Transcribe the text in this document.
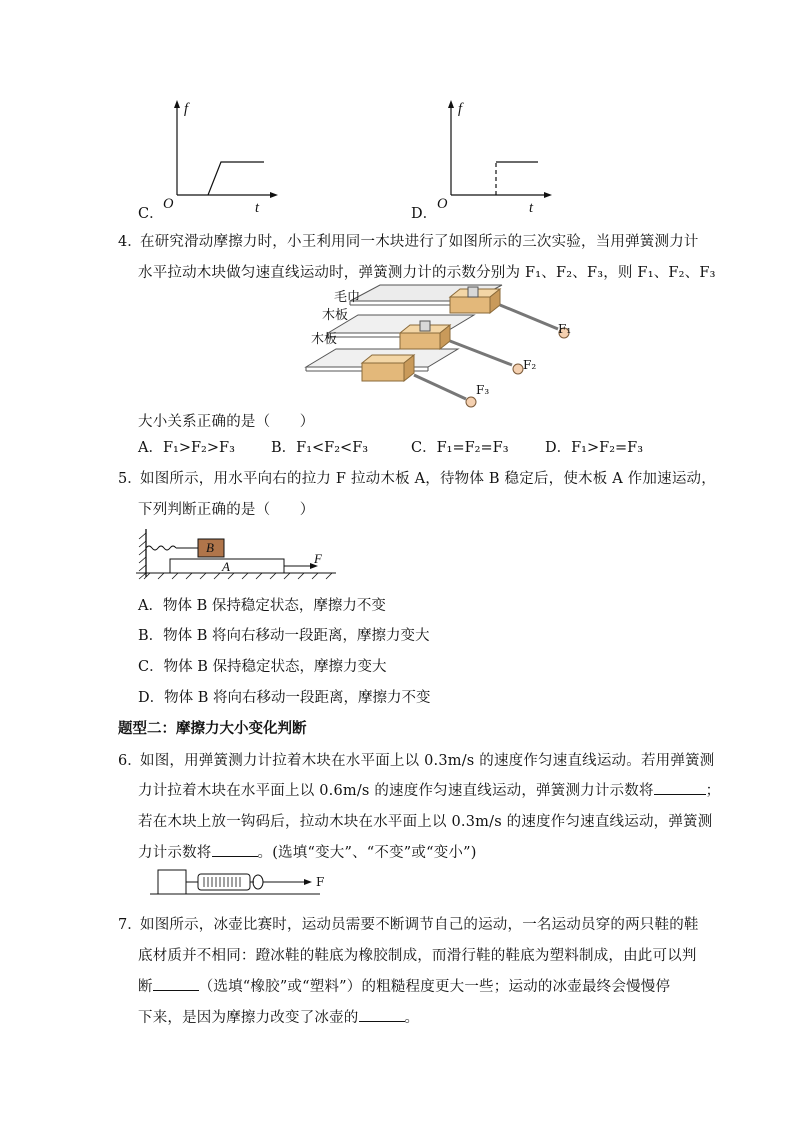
C．
f
O	t	D．
f
O	t
4．
在研究滑动摩擦力时，小王利用同一木块进行了如图所示的三次实验，当用弹簧测力计
水平拉动木块做匀速直线运动时，弹簧测力计的示数分别为 F₁、F₂、F₃，则 F₁、F₂、F₃
毛巾
木板
木板
F₁
F₂
F₃
大小关系正确的是（　　）
A．F₁>F₂>F₃ B．F₁<F₂<F₃	C．F₁=F₂=F₃	D．F₁>F₂=F₃
5．
如图所示，用水平向右的拉力 F 拉动木板 A，待物体 B 稳定后，使木板 A 作加速运动，
下列判断正确的是（　　）
B
A
F
A．物体 B 保持稳定状态，摩擦力不变
B．物体 B 将向右移动一段距离，摩擦力变大
C．物体 B 保持稳定状态，摩擦力变大
D．物体 B 将向右移动一段距离，摩擦力不变
题型二：摩擦力大小变化判断
6．
如图，用弹簧测力计拉着木块在水平面上以 0.3m/s 的速度作匀速直线运动。若用弹簧测
力计拉着木块在水平面上以 0.6m/s 的速度作匀速直线运动，弹簧测力计示数将	；
若在木块上放一钩码后，拉动木块在水平面上以 0.3m/s 的速度作匀速直线运动，弹簧测
力计示数将	。(选填“变大”、“不变”或“变小”)
F
7．
如图所示，冰壶比赛时，运动员需要不断调节自己的运动，一名运动员穿的两只鞋的鞋
底材质并不相同：蹬冰鞋的鞋底为橡胶制成，而滑行鞋的鞋底为塑料制成，由此可以判
断	（选填“橡胶”或“塑料”）的粗糙程度更大一些；运动的冰壶最终会慢慢停
下来，是因为摩擦力改变了冰壶的	。
